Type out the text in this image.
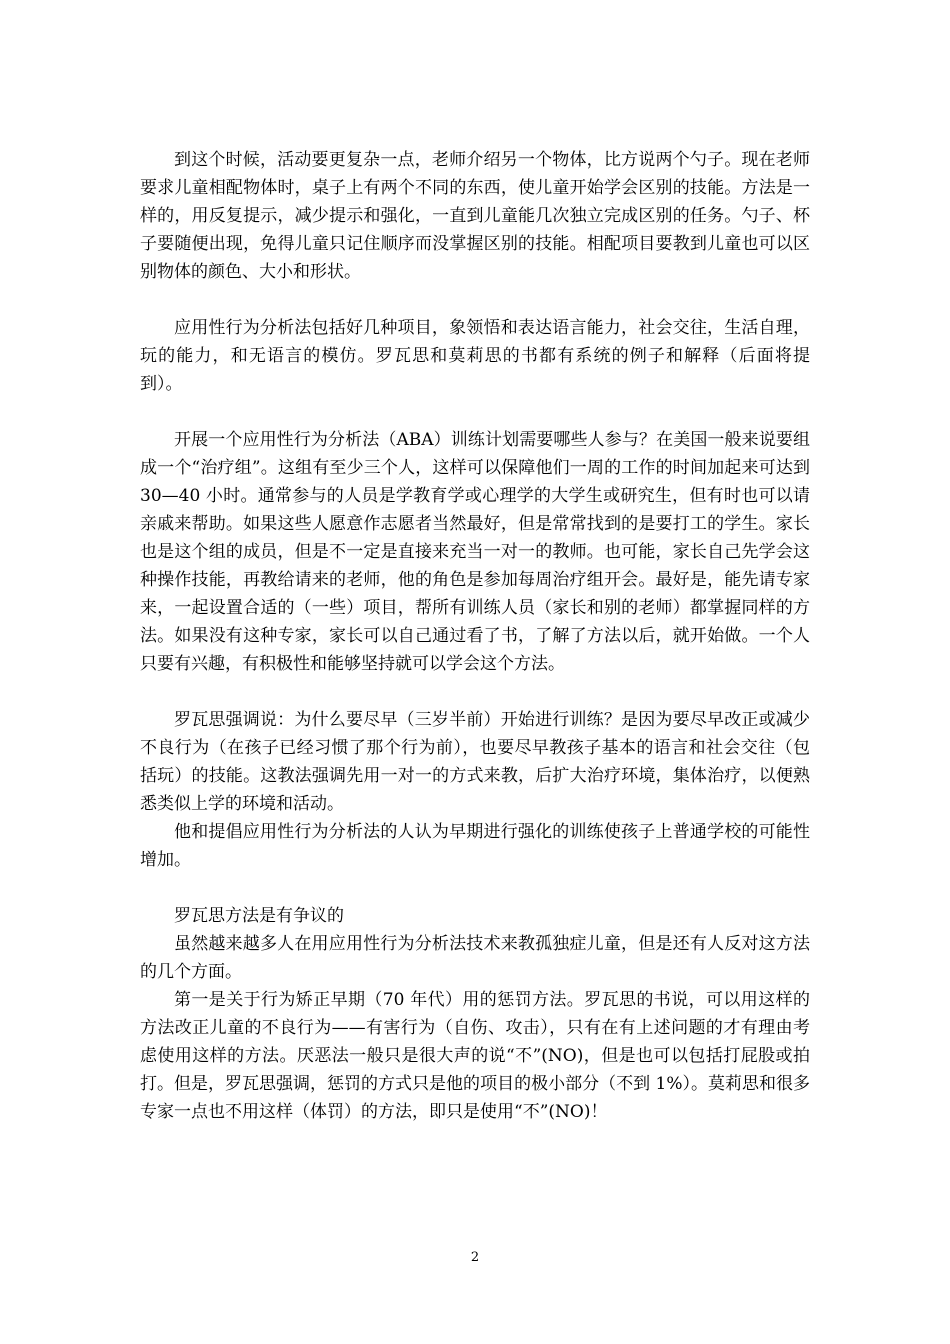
到这个时候，活动要更复杂一点，老师介绍另一个物体，比方说两个勺子。现在老师要求儿童相配物体时，桌子上有两个不同的东西，使儿童开始学会区别的技能。方法是一样的，用反复提示，减少提示和强化，一直到儿童能几次独立完成区别的任务。勺子、杯子要随便出现，免得儿童只记住顺序而没掌握区别的技能。相配项目要教到儿童也可以区别物体的颜色、大小和形状。

应用性行为分析法包括好几种项目，象领悟和表达语言能力，社会交往，生活自理，玩的能力，和无语言的模仿。罗瓦思和莫莉思的书都有系统的例子和解释（后面将提到）。

开展一个应用性行为分析法（ABA）训练计划需要哪些人参与？在美国一般来说要组成一个“治疗组”。这组有至少三个人，这样可以保障他们一周的工作的时间加起来可达到 30—40 小时。通常参与的人员是学教育学或心理学的大学生或研究生，但有时也可以请亲戚来帮助。如果这些人愿意作志愿者当然最好，但是常常找到的是要打工的学生。家长也是这个组的成员，但是不一定是直接来充当一对一的教师。也可能，家长自己先学会这种操作技能，再教给请来的老师，他的角色是参加每周治疗组开会。最好是，能先请专家来，一起设置合适的（一些）项目，帮所有训练人员（家长和别的老师）都掌握同样的方法。如果没有这种专家，家长可以自己通过看了书，了解了方法以后，就开始做。一个人只要有兴趣，有积极性和能够坚持就可以学会这个方法。

罗瓦思强调说：为什么要尽早（三岁半前）开始进行训练？是因为要尽早改正或减少不良行为（在孩子已经习惯了那个行为前），也要尽早教孩子基本的语言和社会交往（包括玩）的技能。这教法强调先用一对一的方式来教，后扩大治疗环境，集体治疗，以便熟悉类似上学的环境和活动。

他和提倡应用性行为分析法的人认为早期进行强化的训练使孩子上普通学校的可能性增加。

罗瓦思方法是有争议的

虽然越来越多人在用应用性行为分析法技术来教孤独症儿童，但是还有人反对这方法的几个方面。

第一是关于行为矫正早期（70 年代）用的惩罚方法。罗瓦思的书说，可以用这样的方法改正儿童的不良行为——有害行为（自伤、攻击），只有在有上述问题的才有理由考虑使用这样的方法。厌恶法一般只是很大声的说“不”(NO)，但是也可以包括打屁股或拍打。但是，罗瓦思强调，惩罚的方式只是他的项目的极小部分（不到 1%）。莫莉思和很多专家一点也不用这样（体罚）的方法，即只是使用“不”(NO)！

2
